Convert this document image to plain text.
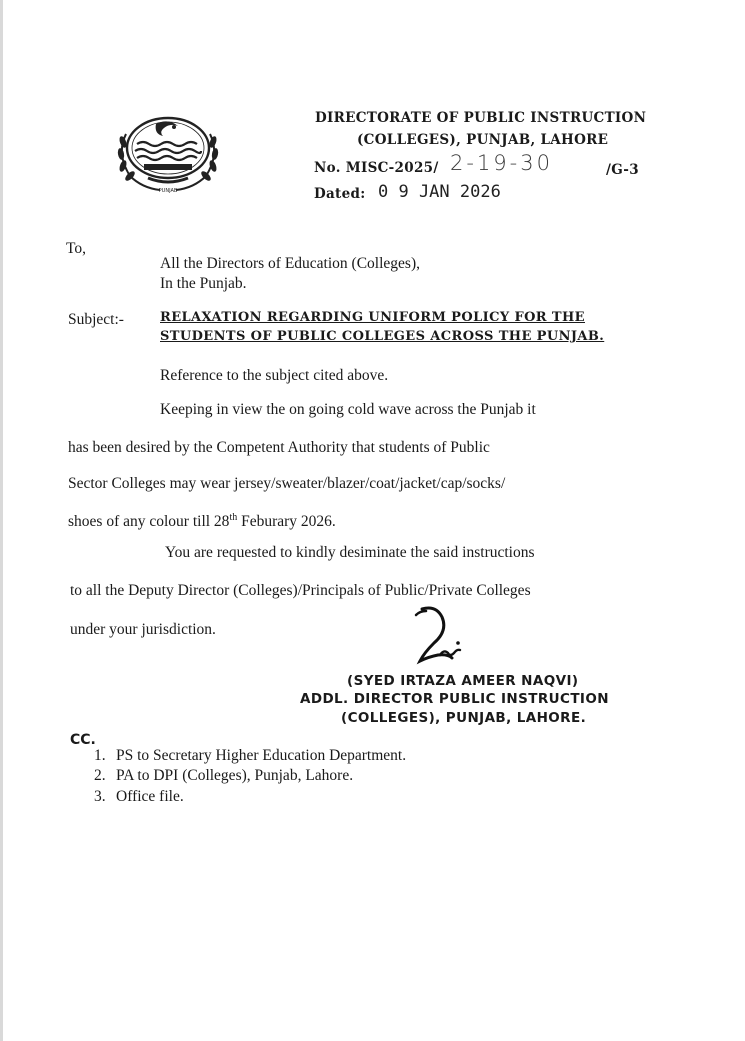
PUNJAB
DIRECTORATE OF PUBLIC INSTRUCTION
(COLLEGES), PUNJAB, LAHORE
No. MISC-2025/ 2-19-30	/G-3
Dated: 0 9 JAN 2026
To,
All the Directors of Education (Colleges),
In the Punjab.
Subject:-	RELAXATION REGARDING UNIFORM POLICY FOR THE
STUDENTS OF PUBLIC COLLEGES ACROSS THE PUNJAB.
Reference to the subject cited above.
Keeping in view the on going cold wave across the Punjab it
has been desired by the Competent Authority that students of Public
Sector Colleges may wear jersey/sweater/blazer/coat/jacket/cap/socks/
shoes of any colour till 28th Feburary 2026.
You are requested to kindly desiminate the said instructions
to all the Deputy Director (Colleges)/Principals of Public/Private Colleges
under your jurisdiction.
(SYED IRTAZA AMEER NAQVI)
ADDL. DIRECTOR PUBLIC INSTRUCTION
(COLLEGES), PUNJAB, LAHORE.
CC.
1. PS to Secretary Higher Education Department.
2. PA to DPI (Colleges), Punjab, Lahore.
3. Office file.
